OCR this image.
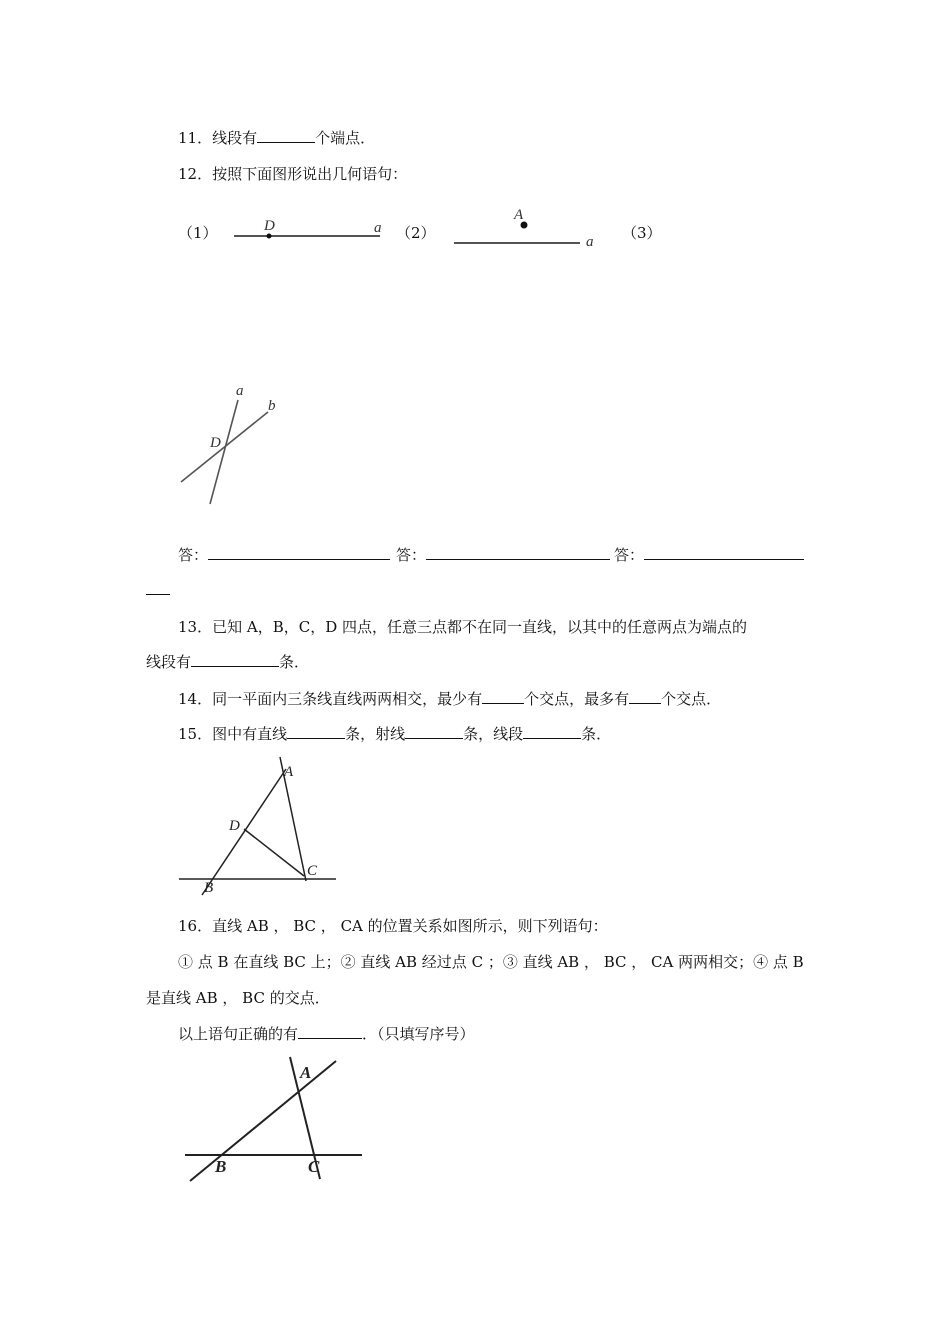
11．线段有	个端点．
12．按照下面图形说出几何语句：
（1）	（2）	（3）
D	a
A
a
a
b
D
答：	答：	答：
13．已知 A，B，C，D 四点，任意三点都不在同一直线，以其中的任意两点为端点的
线段有	条．
14．同一平面内三条线直线两两相交，最少有	个交点，最多有 个交点．
15．图中有直线	条，射线	条，线段	条．
A
D
C
B
16．直线 AB ， BC ， CA 的位置关系如图所示，则下列语句：
① 点 B 在直线 BC 上；② 直线 AB 经过点 C ；③ 直线 AB ， BC ， CA 两两相交；④ 点 B
是直线 AB ， BC 的交点．
以上语句正确的有	．（只填写序号）
A
B	C
